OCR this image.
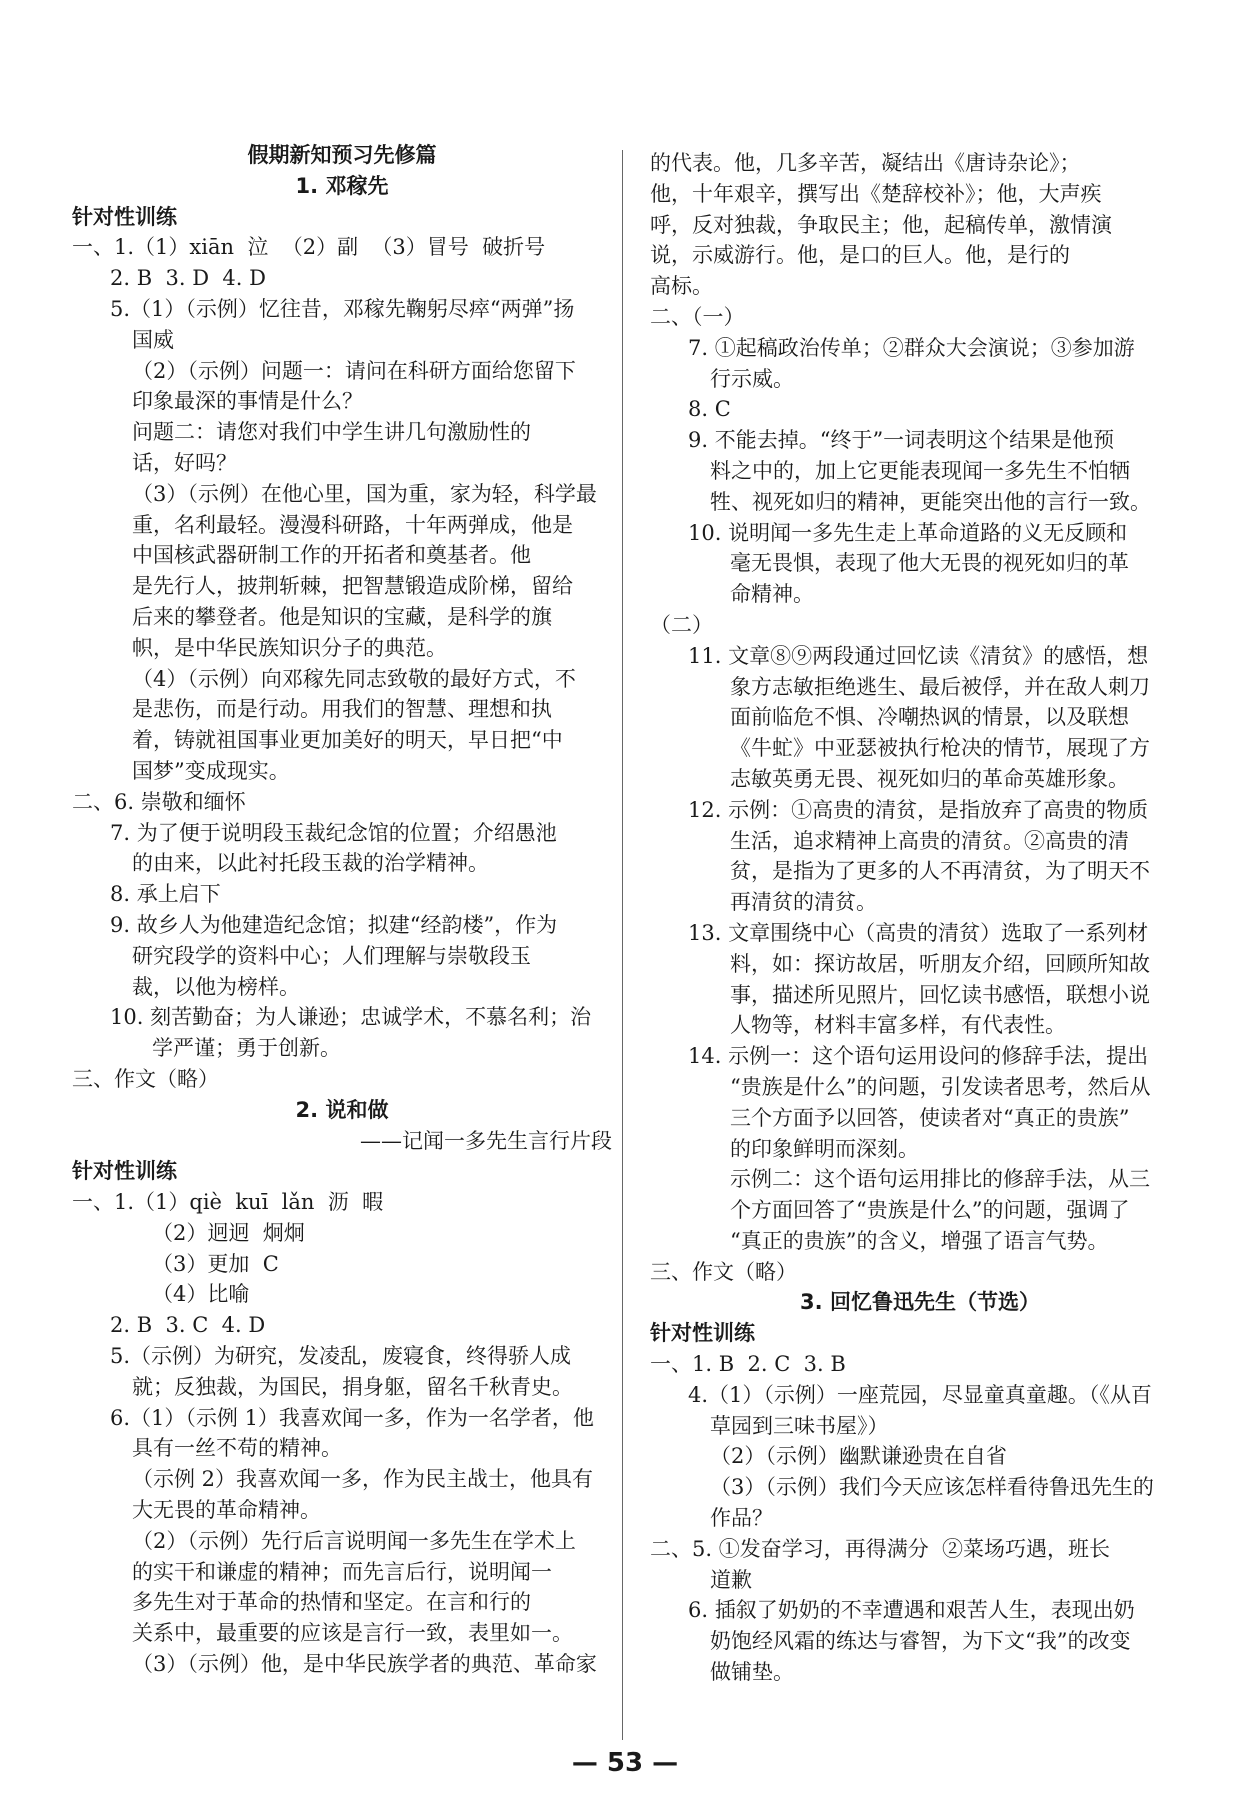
假期新知预习先修篇

1. 邓稼先

针对性训练

一、1.（1）xiān  泣  （2）副  （3）冒号  破折号

2. B  3. D  4. D

5.（1）（示例）忆往昔，邓稼先鞠躬尽瘁“两弹”扬

国威

（2）（示例）问题一：请问在科研方面给您留下

印象最深的事情是什么？

问题二：请您对我们中学生讲几句激励性的

话，好吗？

（3）（示例）在他心里，国为重，家为轻，科学最

重，名利最轻。漫漫科研路，十年两弹成，他是

中国核武器研制工作的开拓者和奠基者。他

是先行人，披荆斩棘，把智慧锻造成阶梯，留给

后来的攀登者。他是知识的宝藏，是科学的旗

帜，是中华民族知识分子的典范。

（4）（示例）向邓稼先同志致敬的最好方式，不

是悲伤，而是行动。用我们的智慧、理想和执

着，铸就祖国事业更加美好的明天，早日把“中

国梦”变成现实。

二、6. 崇敬和缅怀

7. 为了便于说明段玉裁纪念馆的位置；介绍愚池

的由来，以此衬托段玉裁的治学精神。

8. 承上启下

9. 故乡人为他建造纪念馆；拟建“经韵楼”，作为

研究段学的资料中心；人们理解与崇敬段玉

裁，以他为榜样。

10. 刻苦勤奋；为人谦逊；忠诚学术，不慕名利；治

学严谨；勇于创新。

三、作文（略）

2. 说和做

——记闻一多先生言行片段

针对性训练

一、1.（1）qiè  kuī  lǎn  沥  暇

（2）迥迥  炯炯

（3）更加  C

（4）比喻

2. B  3. C  4. D

5.（示例）为研究，发凌乱，废寝食，终得骄人成

就；反独裁，为国民，捐身躯，留名千秋青史。

6.（1）（示例 1）我喜欢闻一多，作为一名学者，他

具有一丝不苟的精神。

（示例 2）我喜欢闻一多，作为民主战士，他具有

大无畏的革命精神。

（2）（示例）先行后言说明闻一多先生在学术上

的实干和谦虚的精神；而先言后行，说明闻一

多先生对于革命的热情和坚定。在言和行的

关系中，最重要的应该是言行一致，表里如一。

（3）（示例）他，是中华民族学者的典范、革命家

的代表。他，几多辛苦，凝结出《唐诗杂论》；

他，十年艰辛，撰写出《楚辞校补》；他，大声疾

呼，反对独裁，争取民主；他，起稿传单，激情演

说，示威游行。他，是口的巨人。他，是行的

高标。

二、（一）

7. ①起稿政治传单；②群众大会演说；③参加游

行示威。

8. C

9. 不能去掉。“终于”一词表明这个结果是他预

料之中的，加上它更能表现闻一多先生不怕牺

牲、视死如归的精神，更能突出他的言行一致。

10. 说明闻一多先生走上革命道路的义无反顾和

毫无畏惧，表现了他大无畏的视死如归的革

命精神。

（二）

11. 文章⑧⑨两段通过回忆读《清贫》的感悟，想

象方志敏拒绝逃生、最后被俘，并在敌人刺刀

面前临危不惧、冷嘲热讽的情景，以及联想

《牛虻》中亚瑟被执行枪决的情节，展现了方

志敏英勇无畏、视死如归的革命英雄形象。

12. 示例：①高贵的清贫，是指放弃了高贵的物质

生活，追求精神上高贵的清贫。②高贵的清

贫，是指为了更多的人不再清贫，为了明天不

再清贫的清贫。

13. 文章围绕中心（高贵的清贫）选取了一系列材

料，如：探访故居，听朋友介绍，回顾所知故

事，描述所见照片，回忆读书感悟，联想小说

人物等，材料丰富多样，有代表性。

14. 示例一：这个语句运用设问的修辞手法，提出

“贵族是什么”的问题，引发读者思考，然后从

三个方面予以回答，使读者对“真正的贵族”

的印象鲜明而深刻。

示例二：这个语句运用排比的修辞手法，从三

个方面回答了“贵族是什么”的问题，强调了

“真正的贵族”的含义，增强了语言气势。

三、作文（略）

3. 回忆鲁迅先生（节选）

针对性训练

一、1. B  2. C  3. B

4.（1）（示例）一座荒园，尽显童真童趣。（《从百

草园到三味书屋》）

（2）（示例）幽默谦逊贵在自省

（3）（示例）我们今天应该怎样看待鲁迅先生的

作品？

二、5. ①发奋学习，再得满分  ②菜场巧遇，班长

道歉

6. 插叙了奶奶的不幸遭遇和艰苦人生，表现出奶

奶饱经风霜的练达与睿智，为下文“我”的改变

做铺垫。

— 53 —
